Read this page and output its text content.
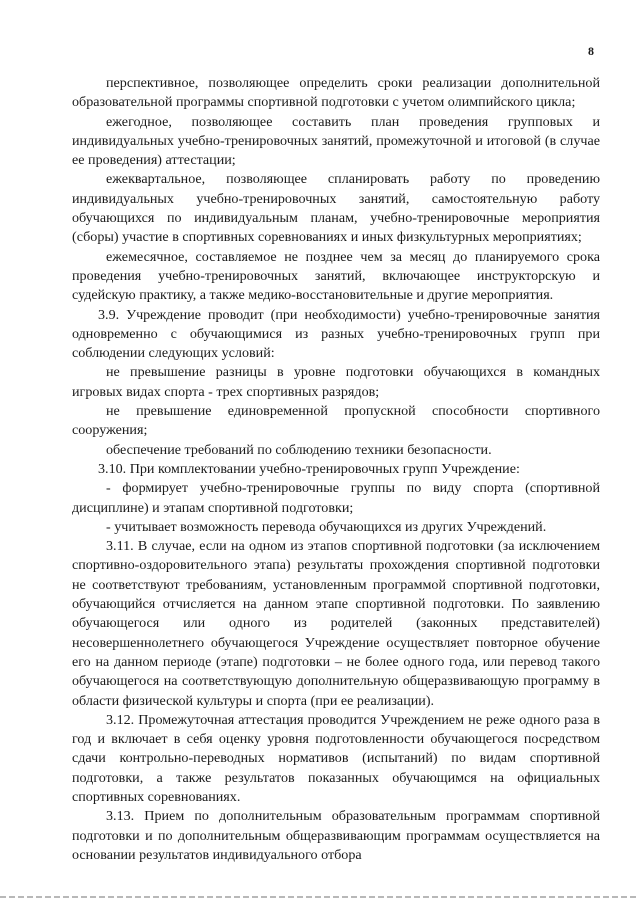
8

перспективное, позволяющее определить сроки реализации дополнительной образовательной программы спортивной подготовки с учетом олимпийского цикла;

ежегодное, позволяющее составить план проведения групповых и индивидуальных учебно-тренировочных занятий, промежуточной и итоговой (в случае ее проведения) аттестации;

ежеквартальное, позволяющее спланировать работу по проведению индивидуальных учебно-тренировочных занятий, самостоятельную работу обучающихся по индивидуальным планам, учебно-тренировочные мероприятия (сборы) участие в спортивных соревнованиях и иных физкультурных мероприятиях;

ежемесячное, составляемое не позднее чем за месяц до планируемого срока проведения учебно-тренировочных занятий, включающее инструкторскую и судейскую практику, а также медико-восстановительные и другие мероприятия.

3.9. Учреждение проводит (при необходимости) учебно-тренировочные занятия одновременно с обучающимися из разных учебно-тренировочных групп при соблюдении следующих условий:

не превышение разницы в уровне подготовки обучающихся в командных игровых видах спорта - трех спортивных разрядов;

не превышение единовременной пропускной способности спортивного сооружения;

обеспечение требований по соблюдению техники безопасности.

3.10. При комплектовании учебно-тренировочных групп Учреждение:

- формирует учебно-тренировочные группы по виду спорта (спортивной дисциплине) и этапам спортивной подготовки;

- учитывает возможность перевода обучающихся из других Учреждений.

3.11. В случае, если на одном из этапов спортивной подготовки (за исключением спортивно-оздоровительного этапа) результаты прохождения спортивной подготовки не соответствуют требованиям, установленным программой спортивной подготовки, обучающийся отчисляется на данном этапе спортивной подготовки. По заявлению обучающегося или одного из родителей (законных представителей) несовершеннолетнего обучающегося Учреждение осуществляет повторное обучение его на данном периоде (этапе) подготовки – не более одного года, или перевод такого обучающегося на соответствующую дополнительную общеразвивающую программу в области физической культуры и спорта (при ее реализации).

3.12. Промежуточная аттестация проводится Учреждением не реже одного раза в год и включает в себя оценку уровня подготовленности обучающегося посредством сдачи контрольно-переводных нормативов (испытаний) по видам спортивной подготовки, а также результатов показанных обучающимся на официальных спортивных соревнованиях.

3.13. Прием по дополнительным образовательным программам спортивной подготовки и по дополнительным общеразвивающим программам осуществляется на основании результатов индивидуального отбора
